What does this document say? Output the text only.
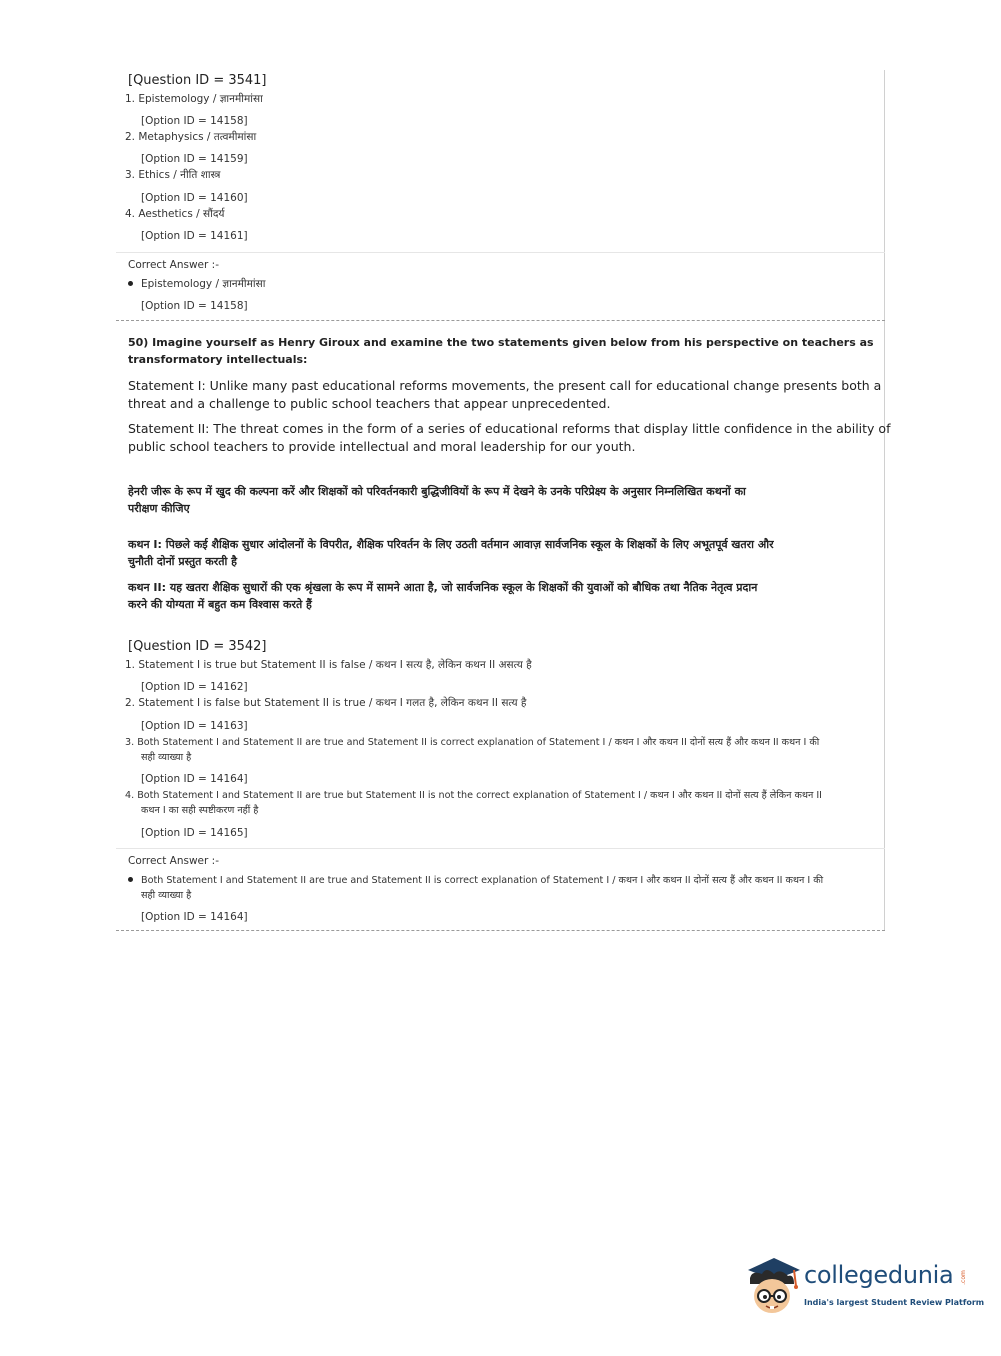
[Question ID = 3541]
1. Epistemology / ज्ञानमीमांसा
[Option ID = 14158]
2. Metaphysics / तत्वमीमांसा
[Option ID = 14159]
3. Ethics / नीति शास्त्र
[Option ID = 14160]
4. Aesthetics / सौंदर्य
[Option ID = 14161]
Correct Answer :-
Epistemology / ज्ञानमीमांसा
[Option ID = 14158]
50) Imagine yourself as Henry Giroux and examine the two statements given below from his perspective on teachers as
transformatory intellectuals:
Statement I: Unlike many past educational reforms movements, the present call for educational change presents both a
threat and a challenge to public school teachers that appear unprecedented.
Statement II: The threat comes in the form of a series of educational reforms that display little confidence in the ability of
public school teachers to provide intellectual and moral leadership for our youth.
हेनरी जीरू के रूप में खुद की कल्पना करें और शिक्षकों को परिवर्तनकारी बुद्धिजीवियों के रूप में देखने के उनके परिप्रेक्ष्य के अनुसार निम्नलिखित कथनों का
परीक्षण कीजिए
कथन I: पिछले कई शैक्षिक सुधार आंदोलनों के विपरीत, शैक्षिक परिवर्तन के लिए उठती वर्तमान आवाज़ सार्वजनिक स्कूल के शिक्षकों के लिए अभूतपूर्व खतरा और
चुनौती दोनों प्रस्तुत करती है
कथन II: यह खतरा शैक्षिक सुधारों की एक श्रृंखला के रूप में सामने आता है, जो सार्वजनिक स्कूल के शिक्षकों की युवाओं को बौधिक तथा नैतिक नेतृत्व प्रदान
करने की योग्यता में बहुत कम विश्वास करते हैं
[Question ID = 3542]
1. Statement I is true but Statement II is false / कथन I सत्य है, लेकिन कथन II असत्य है
[Option ID = 14162]
2. Statement I is false but Statement II is true / कथन I गलत है, लेकिन कथन II सत्य है
[Option ID = 14163]
3. Both Statement I and Statement II are true and Statement II is correct explanation of Statement I / कथन I और कथन II दोनों सत्य हैं और कथन II कथन I की
सही व्याख्या है
[Option ID = 14164]
4. Both Statement I and Statement II are true but Statement II is not the correct explanation of Statement I / कथन I और कथन II दोनों सत्य हैं लेकिन कथन II
कथन I का सही स्पष्टीकरण नहीं है
[Option ID = 14165]
Correct Answer :-
Both Statement I and Statement II are true and Statement II is correct explanation of Statement I / कथन I और कथन II दोनों सत्य हैं और कथन II कथन I की
सही व्याख्या है
[Option ID = 14164]
collegedunia .com
India's largest Student Review Platform
